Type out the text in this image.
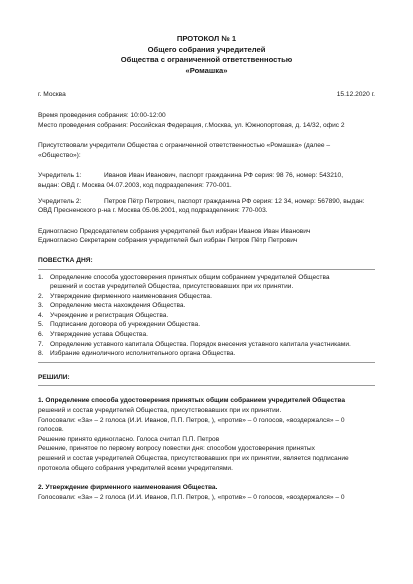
ПРОТОКОЛ № 1
Общего собрания учредителей
Общества с ограниченной ответственностью
«Ромашка»
г. Москва	15.12.2020 г.

Время проведения собрания: 10:00-12:00

Место проведения собрания: Российская Федерация, г.Москва, ул. Южнопортовая, д. 14/32, офис 2

Присутствовали учредители Общества с ограниченной ответственностью «Ромашка» (далее –

«Общество»):

Учредитель 1:	Иванов Иван Иванович, паспорт гражданина РФ серия: 98 76, номер: 543210,

выдан: ОВД г. Москва 04.07.2003, код подразделения: 770-001.

Учредитель 2:	Петров Пётр Петрович, паспорт гражданина РФ серия: 12 34, номер: 567890, выдан:

ОВД Пресненского р-на г. Москва 05.06.2001, код подразделения: 770-003.

Единогласно Председателем собрания учредителей был избран Иванов Иван Иванович

Единогласно Секретарем собрания учредителей был избран Петров Пётр Петрович

ПОВЕСТКА ДНЯ:
1. Определение способа удостоверения принятых общим собранием учредителей Общества
решений и состав учредителей Общества, присутствовавших при их принятии.
2. Утверждение фирменного наименования Общества.
3. Определение места нахождения Общества.
4. Учреждение и регистрация Общества.
5. Подписание договора об учреждении Общества.
6. Утверждение устава Общества.
7. Определение уставного капитала Общества. Порядок внесения уставного капитала участниками.
8. Избрание единоличного исполнительного органа Общества.
РЕШИЛИ:
1. Определение способа удостоверения принятых общим собранием учредителей Общества

решений и состав учредителей Общества, присутствовавших при их принятии.

Голосовали: «За» – 2 голоса (И.И. Иванов, П.П. Петров, ), «против» – 0 голосов, «воздержался» – 0

голосов.

Решение принято единогласно. Голоса считал П.П. Петров

Решение, принятое по первому вопросу повестки дня: способом удостоверения принятых

решений и состав учредителей Общества, присутствовавших при их принятии, является подписание

протокола общего собрания учредителей всеми учредителями.

2. Утверждение фирменного наименования Общества.

Голосовали: «За» – 2 голоса (И.И. Иванов, П.П. Петров, ), «против» – 0 голосов, «воздержался» – 0
